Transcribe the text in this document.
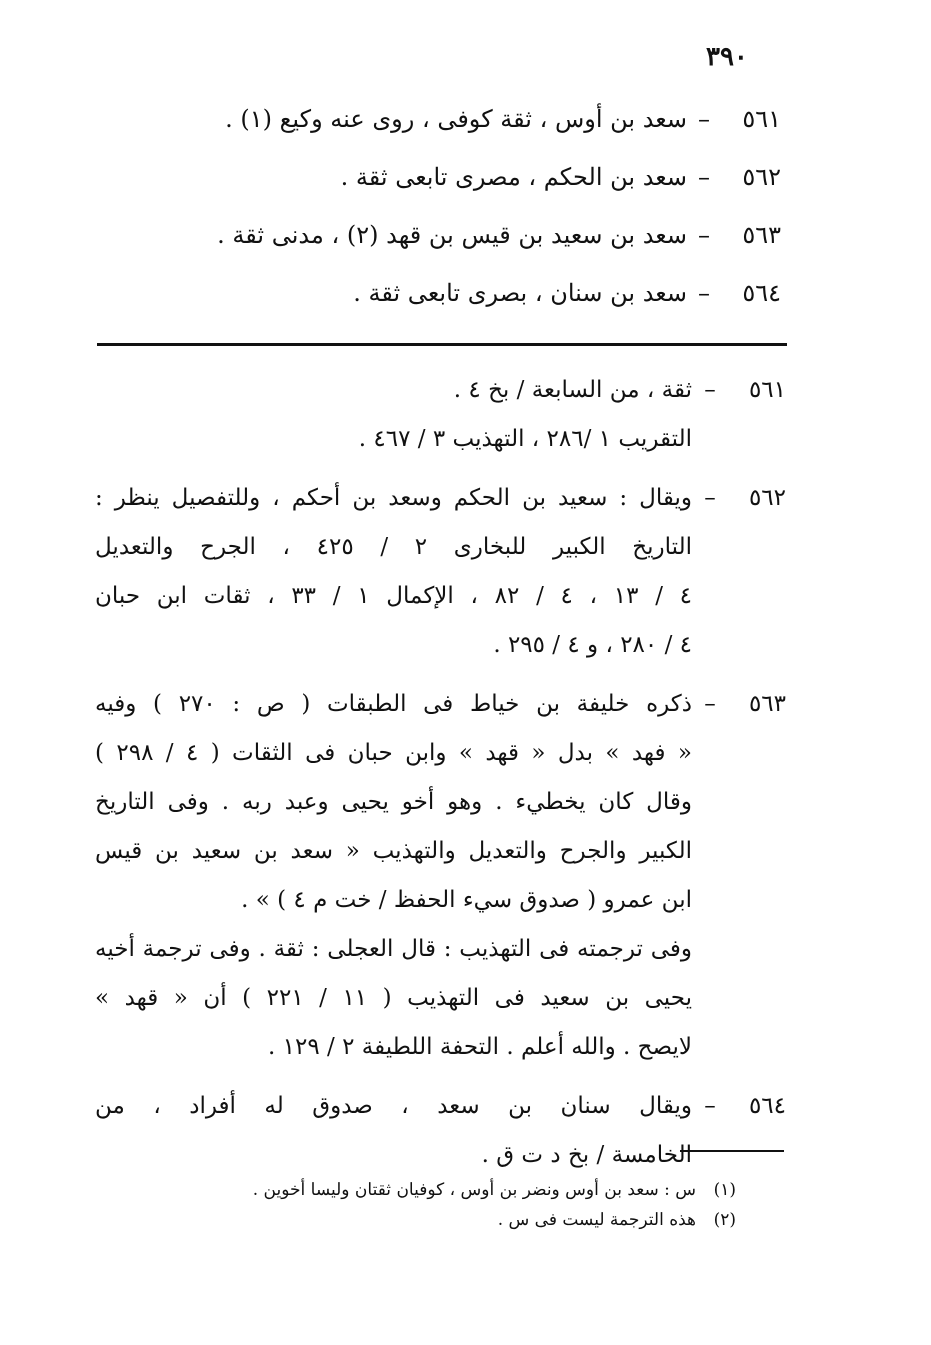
٣٩٠
٥٦١
–
سعد بن أوس ، ثقة كوفى ، روى عنه وكيع (١) .
٥٦٢
–
سعد بن الحكم ، مصرى تابعى ثقة .
٥٦٣
–
سعد بن سعيد بن قيس بن قهد (٢) ، مدنى ثقة .
٥٦٤
–
سعد بن سنان ، بصرى تابعى ثقة .
٥٦١
–
ثقة ، من السابعة / بخ ٤ .
التقريب ١ /٢٨٦ ، التهذيب ٣ / ٤٦٧ .
٥٦٢
–
ويقال : سعيد بن الحكم وسعد بن أحكم ، وللتفصيل ينظر :
التاريخ الكبير للبخارى ٢ / ٤٢٥ ، الجرح والتعديل
٤ / ١٣ ، ٤ / ٨٢ ، الإكمال ١ / ٣٣ ، ثقات ابن حبان
٤ / ٢٨٠ ، و ٤ / ٢٩٥ .
٥٦٣
–
ذكره خليفة بن خياط فى الطبقات ( ص : ٢٧٠ ) وفيه
« فهد » بدل « قهد » وابن حبان فى الثقات ( ٤ / ٢٩٨ )
وقال كان يخطيء . وهو أخو يحيى وعبد ربه . وفى التاريخ
الكبير والجرح والتعديل والتهذيب « سعد بن سعيد بن قيس
ابن عمرو ( صدوق سيء الحفظ / خت م ٤ ) » .
وفى ترجمته فى التهذيب : قال العجلى : ثقة . وفى ترجمة أخيه
يحيى بن سعيد فى التهذيب ( ١١ / ٢٢١ ) أن « قهد »
لايصح . والله أعلم . التحفة اللطيفة ٢ / ١٢٩ .
٥٦٤
–
ويقال سنان بن سعد ، صدوق له أفراد ، من
الخامسة / بخ د ت ق .
(١)
س : سعد بن أوس ونضر بن أوس ، كوفيان ثقتان وليسا أخوين .
(٢)
هذه الترجمة ليست فى س .
